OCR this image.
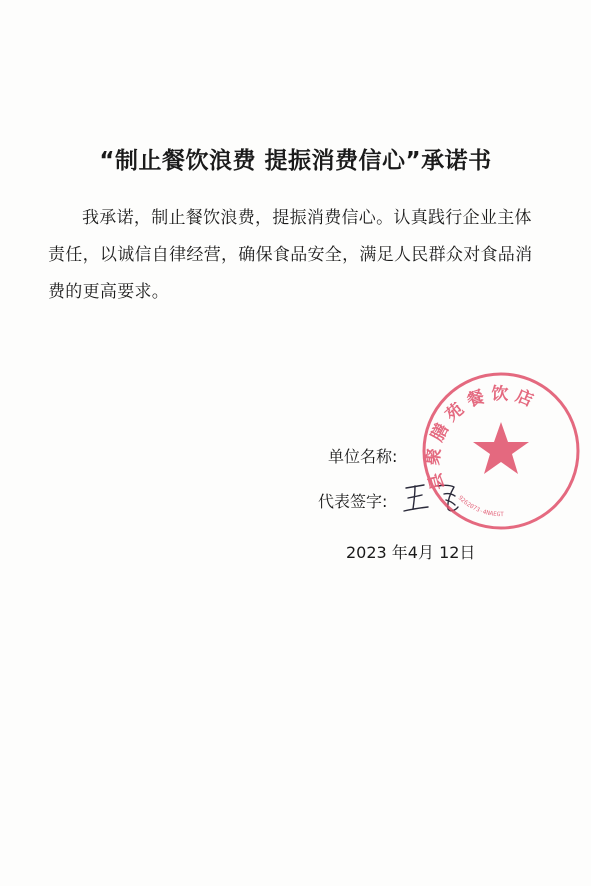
“制止餐饮浪费 提振消费信心”承诺书
我承诺，制止餐饮浪费，提振消费信心。认真践行企业主体责任，以诚信自律经营，确保食品安全，满足人民群众对食品消费的更高要求。
单位名称:
代表签字:
2023 年4月 12日
县聚膳苑餐饮店
9262073-4NAEGT
